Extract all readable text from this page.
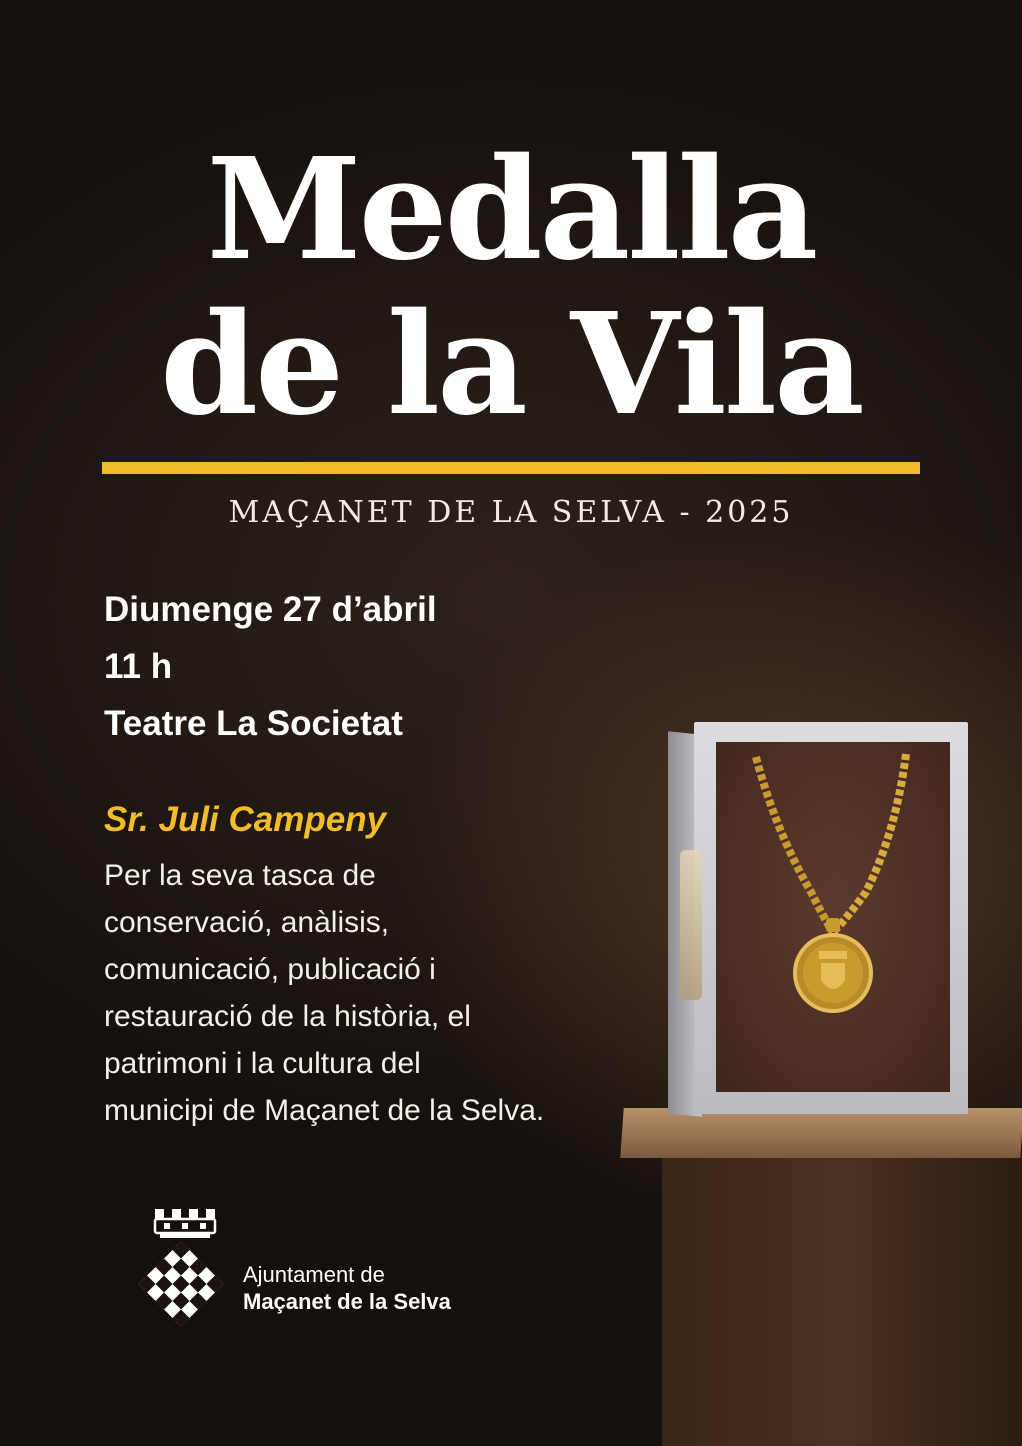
Medalla
de la Vila
MAÇANET DE LA SELVA - 2025
Diumenge 27 d’abril
11 h
Teatre La Societat
Sr. Juli Campeny
Per la seva tasca de
conservació, anàlisis,
comunicació, publicació i
restauració de la història, el
patrimoni i la cultura del
municipi de Maçanet de la Selva.
Ajuntament de
Maçanet de la Selva
